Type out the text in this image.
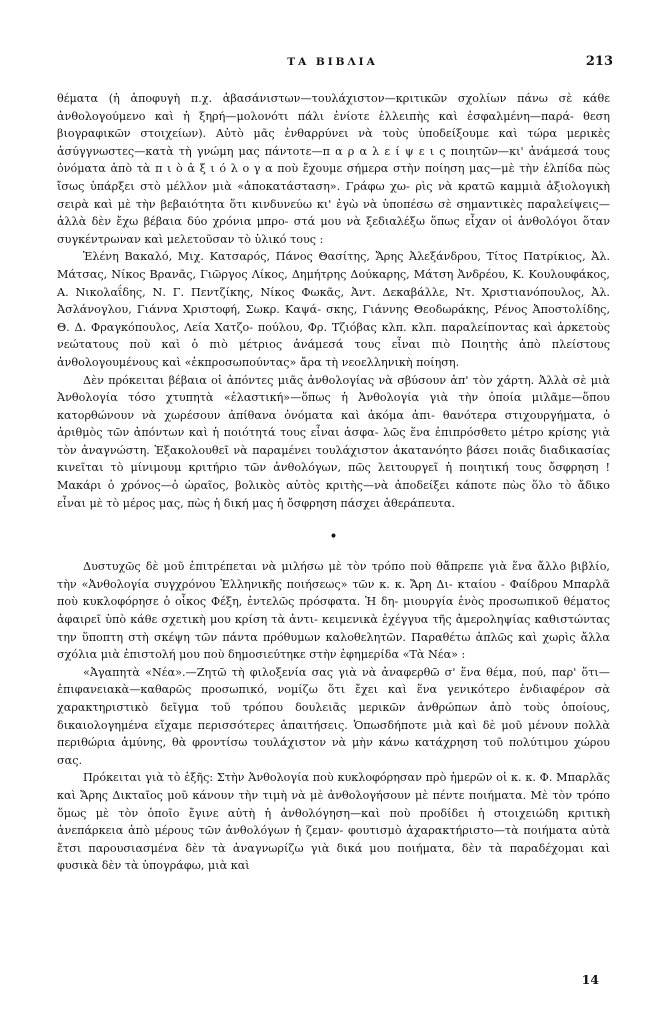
ΤΑ ΒΙΒΛΙΑ	213

θέματα (ἡ ἀποφυγὴ π.χ. ἀβασάνιστων—τουλάχιστον—κριτικῶν σχολίων πάνω σὲ κάθε ἀνθολογούμενο καὶ ἡ ξηρή—μολονότι πάλι ἐνίοτε ἐλλειπὴς καὶ ἐσφαλμένη—παρά- θεση βιογραφικῶν στοιχείων). Αὐτὸ μᾶς ἐνθαρρύνει νὰ τοὺς ὑποδείξουμε καὶ τώρα μερικὲς ἀσύγγνωστες—κατὰ τὴ γνώμη μας πάντοτε—π α ρ α λ ε ί ψ ε ι ς ποιητῶν—κι' ἀνάμεσά τους ὀνόματα ἀπὸ τὰ π ι ὸ ἀ ξ ι ό λ ο γ α ποὺ ἔχουμε σήμερα στὴν ποίηση μας—μὲ τὴν ἐλπίδα πὼς ἴσως ὑπάρξει στὸ μέλλον μιὰ «ἀποκατάσταση». Γράφω χω- ρὶς νὰ κρατῶ καμμιὰ ἀξιολογικὴ σειρὰ καὶ μὲ τὴν βεβαιότητα ὅτι κινδυνεύω κι' ἐγὼ νὰ ὑποπέσω σὲ σημαντικὲς παραλείψεις—ἀλλὰ δὲν ἔχω βέβαια δύο χρόνια μπρο- στά μου νὰ ξεδιαλέξω ὅπως εἶχαν οἱ ἀνθολόγοι ὅταν συγκέντρωναν καὶ μελετοῦσαν τὸ ὑλικό τους :

Ἑλένη Βακαλό, Μιχ. Κατσαρός, Πάνος Θασίτης, Ἄρης Ἀλεξάνδρου, Τίτος Πατρίκιος, Ἀλ. Μάτσας, Νίκος Βρανᾶς, Γιῶργος Λίκος, Δημήτρης Δούκαρης, Μάτση Ἀνδρέου, Κ. Κουλουφάκος, Α. Νικολαΐδης, Ν. Γ. Πεντζίκης, Νίκος Φωκᾶς, Ἀντ. Δεκαβάλλε, Ντ. Χριστιανόπουλος, Ἀλ. Ἀσλάνογλου, Γιάννα Χριστοφή, Σωκρ. Καψά- σκης, Γιάννης Θεοδωράκης, Ρένος Ἀποστολίδης, Θ. Δ. Φραγκόπουλος, Λεία Χατζο- πούλου, Φρ. Τζιόβας κλπ. κλπ. παραλείποντας καὶ ἀρκετοὺς νεώτατους ποὺ καὶ ὁ πιὸ μέτριος ἀνάμεσά τους εἶναι πιὸ Ποιητὴς ἀπὸ πλείστους ἀνθολογουμένους καὶ «ἐκπροσωπούντας» ἄρα τὴ νεοελληνικὴ ποίηση.

Δὲν πρόκειται βέβαια οἱ ἀπόντες μιᾶς ἀνθολογίας νὰ σβύσουν ἀπ' τὸν χάρτη. Ἀλλὰ σὲ μιὰ Ἀνθολογία τόσο χτυπητὰ «ἐλαστική»—ὅπως ἡ Ἀνθολογία γιὰ τὴν ὁποία μιλᾶμε—ὅπου κατορθώνουν νὰ χωρέσουν ἀπίθανα ὀνόματα καὶ ἀκόμα ἀπι- θανότερα στιχουργήματα, ὁ ἀριθμὸς τῶν ἀπόντων καὶ ἡ ποιότητά τους εἶναι ἀσφα- λῶς ἕνα ἐπιπρόσθετο μέτρο κρίσης γιὰ τὸν ἀναγνώστη. Ἐξακολουθεῖ νὰ παραμένει τουλάχιστον ἀκατανόητο βάσει ποιᾶς διαδικασίας κινεῖται τὸ μίνιμουμ κριτήριο τῶν ἀνθολόγων, πῶς λειτουργεῖ ἡ ποιητική τους ὄσφρηση ! Μακάρι ὁ χρόνος—ὁ ὡραῖος, βολικὸς αὐτὸς κριτὴς—νὰ ἀποδείξει κάποτε πὼς ὅλο τὸ ἄδικο εἶναι μὲ τὸ μέρος μας, πὼς ἡ δική μας ἡ ὄσφρηση πάσχει ἀθεράπευτα.

•

Δυστυχῶς δὲ μοῦ ἐπιτρέπεται νὰ μιλήσω μὲ τὸν τρόπο ποὺ θἄπρεπε γιὰ ἕνα ἄλλο βιβλίο, τὴν «Ἀνθολογία συγχρόνου Ἑλληνικῆς ποιήσεως» τῶν κ. κ. Ἄρη Δι- κταίου - Φαίδρου Μπαρλᾶ ποὺ κυκλοφόρησε ὁ οἶκος Φέξη, ἐντελῶς πρόσφατα. Ἡ δη- μιουργία ἑνὸς προσωπικοῦ θέματος ἀφαιρεῖ ὑπὸ κάθε σχετικὴ μου κρίση τὰ ἀντι- κειμενικὰ ἐχέγγυα τῆς ἀμεροληψίας καθιστώντας την ὕποπτη στὴ σκέψη τῶν πάντα πρόθυμων καλοθελητῶν. Παραθέτω ἁπλῶς καὶ χωρὶς ἄλλα σχόλια μιὰ ἐπιστολή μου ποὺ δημοσιεύτηκε στὴν ἐφημερίδα «Τὰ Νέα» :

«Ἀγαπητὰ «Νέα».—Ζητῶ τὴ φιλοξενία σας γιὰ νὰ ἀναφερθῶ σ' ἕνα θέμα, πού, παρ' ὅτι—ἐπιφανειακὰ—καθαρῶς προσωπικό, νομίζω ὅτι ἔχει καὶ ἕνα γενικότερο ἐνδιαφέρον σὰ χαρακτηριστικὸ δεῖγμα τοῦ τρόπου δουλειᾶς μερικῶν ἀνθρώπων ἀπὸ τοὺς ὁποίους, δικαιολογημένα εἴχαμε περισσότερες ἀπαιτήσεις. Ὁπωσδήποτε μιὰ καὶ δὲ μοῦ μένουν πολλὰ περιθώρια ἀμύνης, θὰ φροντίσω τουλάχιστον νὰ μὴν κάνω κατάχρηση τοῦ πολύτιμου χώρου σας.

Πρόκειται γιὰ τὸ ἑξῆς: Στὴν Ἀνθολογία ποὺ κυκλοφόρησαν πρὸ ἡμερῶν οἱ κ. κ. Φ. Μπαρλᾶς καὶ Ἄρης Δικταῖος μοῦ κάνουν τὴν τιμὴ νὰ μὲ ἀνθολογήσουν μὲ πέντε ποιήματα. Μὲ τὸν τρόπο ὅμως μὲ τὸν ὁποῖο ἔγινε αὐτὴ ἡ ἀνθολόγηση—καὶ ποὺ προδίδει ἡ στοιχειώδη κριτικὴ ἀνεπάρκεια ἀπὸ μέρους τῶν ἀνθολόγων ἡ ζεμαν- φουτισμὸ ἀχαρακτήριστο—τὰ ποιήματα αὐτὰ ἔτσι παρουσιασμένα δὲν τὰ ἀναγνωρίζω γιὰ δικά μου ποιήματα, δὲν τὰ παραδέχομαι καὶ φυσικὰ δὲν τὰ ὑπογράφω, μιὰ καὶ

14
